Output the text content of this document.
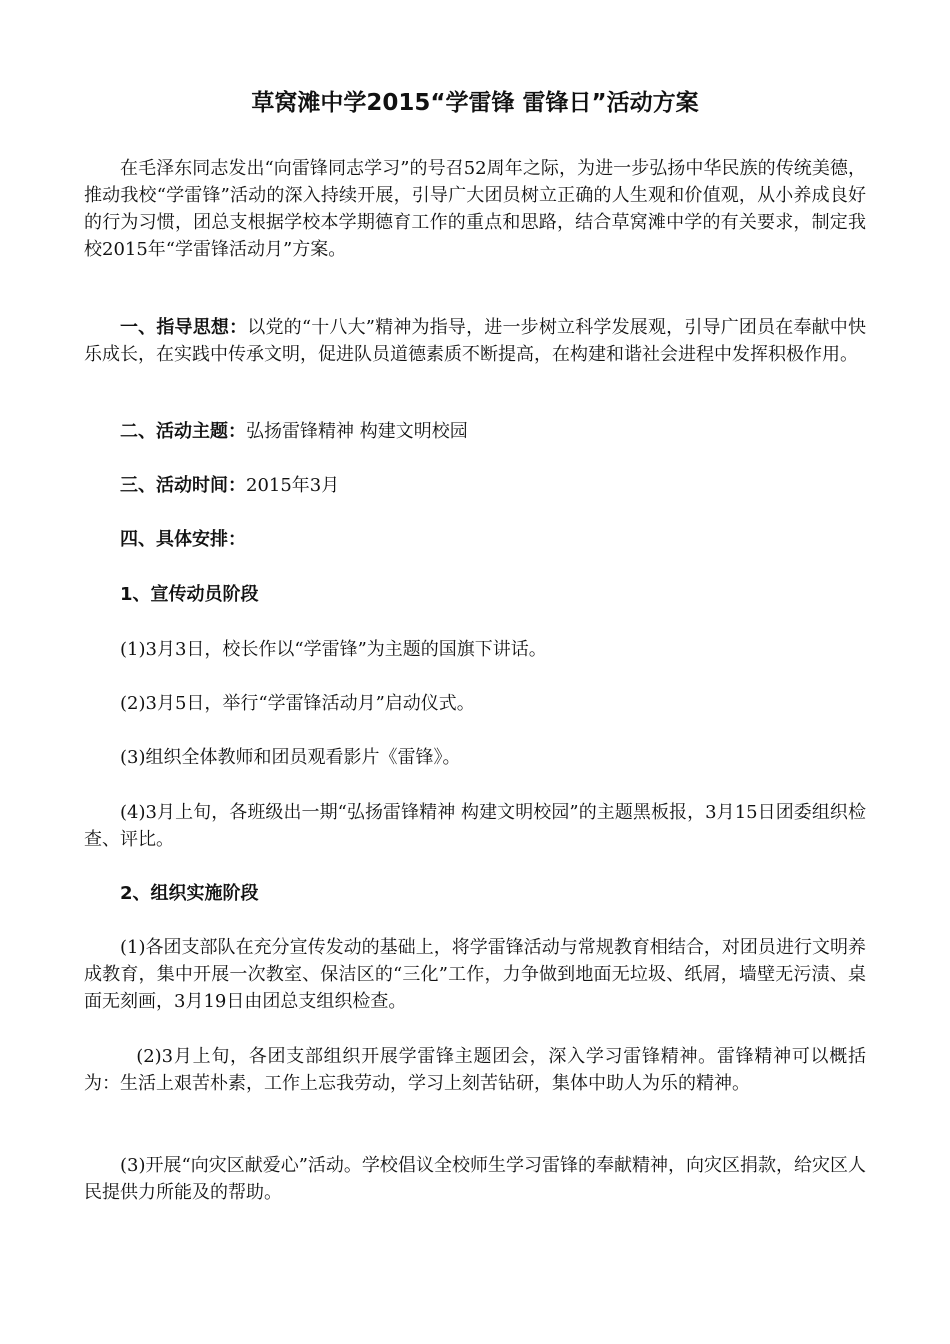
草窝滩中学2015“学雷锋 雷锋日”活动方案

在毛泽东同志发出“向雷锋同志学习”的号召52周年之际，为进一步弘扬中华民族的传统美德，推动我校“学雷锋”活动的深入持续开展，引导广大团员树立正确的人生观和价值观，从小养成良好的行为习惯，团总支根据学校本学期德育工作的重点和思路，结合草窝滩中学的有关要求，制定我校2015年“学雷锋活动月”方案。

一、指导思想：以党的“十八大”精神为指导，进一步树立科学发展观，引导广团员在奉献中快乐成长，在实践中传承文明，促进队员道德素质不断提高，在构建和谐社会进程中发挥积极作用。

二、活动主题：弘扬雷锋精神 构建文明校园

三、活动时间：2015年3月

四、具体安排：

1、宣传动员阶段

(1)3月3日，校长作以“学雷锋”为主题的国旗下讲话。

(2)3月5日，举行“学雷锋活动月”启动仪式。

(3)组织全体教师和团员观看影片《雷锋》。

(4)3月上旬，各班级出一期“弘扬雷锋精神 构建文明校园”的主题黑板报，3月15日团委组织检查、评比。

2、组织实施阶段

(1)各团支部队在充分宣传发动的基础上，将学雷锋活动与常规教育相结合，对团员进行文明养成教育，集中开展一次教室、保洁区的“三化”工作，力争做到地面无垃圾、纸屑，墙壁无污渍、桌面无刻画，3月19日由团总支组织检查。

(2)3月上旬，各团支部组织开展学雷锋主题团会，深入学习雷锋精神。雷锋精神可以概括为：生活上艰苦朴素，工作上忘我劳动，学习上刻苦钻研，集体中助人为乐的精神。

(3)开展“向灾区献爱心”活动。学校倡议全校师生学习雷锋的奉献精神，向灾区捐款，给灾区人民提供力所能及的帮助。
